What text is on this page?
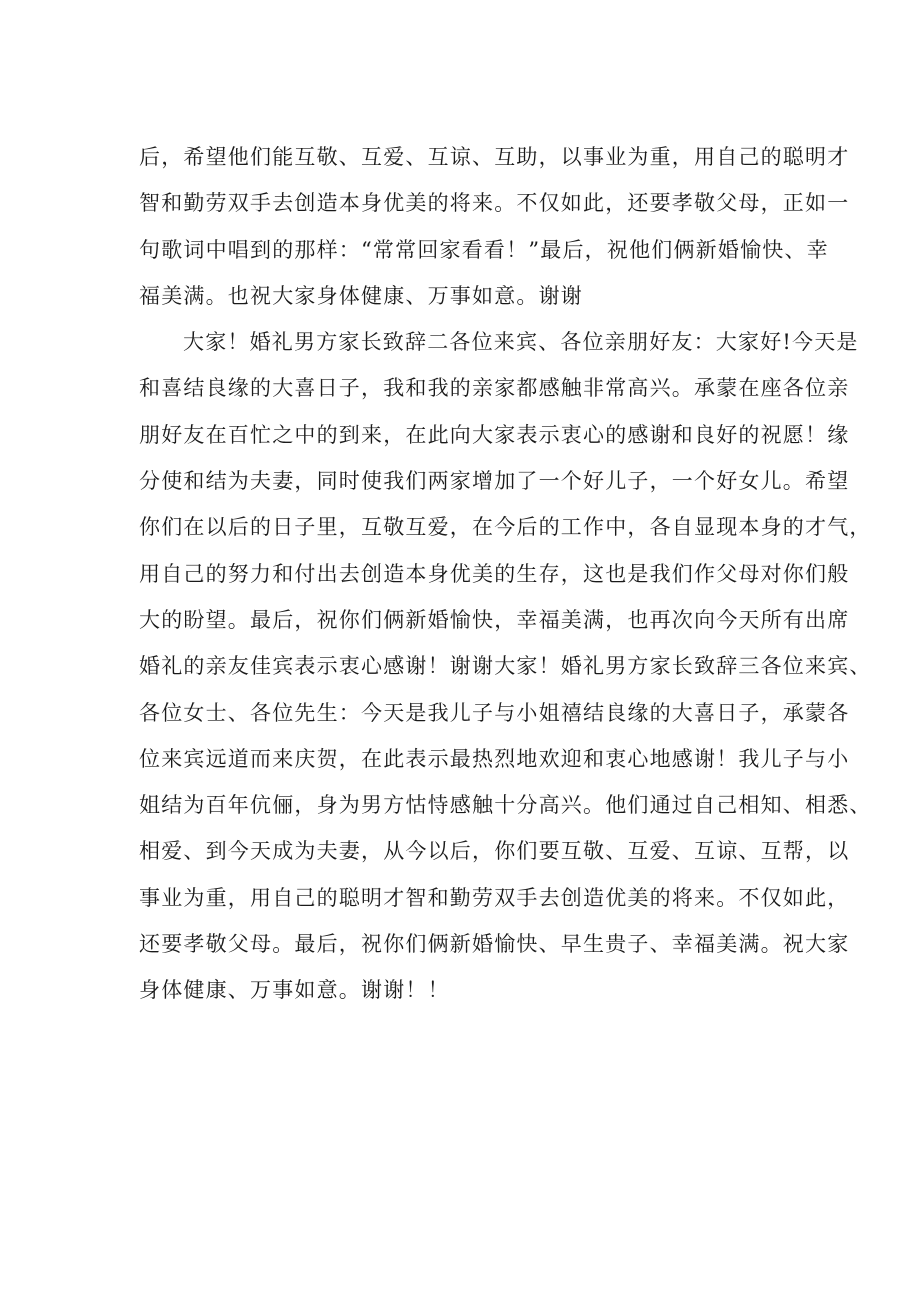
后，希望他们能互敬、互爱、互谅、互助，以事业为重，用自己的聪明才
智和勤劳双手去创造本身优美的将来。不仅如此，还要孝敬父母，正如一
句歌词中唱到的那样：“常常回家看看！”最后，祝他们俩新婚愉快、幸
福美满。也祝大家身体健康、万事如意。谢谢
大家！婚礼男方家长致辞二各位来宾、各位亲朋好友：大家好!今天是
和喜结良缘的大喜日子，我和我的亲家都感触非常高兴。承蒙在座各位亲
朋好友在百忙之中的到来，在此向大家表示衷心的感谢和良好的祝愿！缘
分使和结为夫妻，同时使我们两家增加了一个好儿子，一个好女儿。希望
你们在以后的日子里，互敬互爱，在今后的工作中，各自显现本身的才气，
用自己的努力和付出去创造本身优美的生存，这也是我们作父母对你们般
大的盼望。最后，祝你们俩新婚愉快，幸福美满，也再次向今天所有出席
婚礼的亲友佳宾表示衷心感谢！谢谢大家！婚礼男方家长致辞三各位来宾、
各位女士、各位先生：今天是我儿子与小姐禧结良缘的大喜日子，承蒙各
位来宾远道而来庆贺，在此表示最热烈地欢迎和衷心地感谢！我儿子与小
姐结为百年伉俪，身为男方怙恃感触十分高兴。他们通过自己相知、相悉、
相爱、到今天成为夫妻，从今以后，你们要互敬、互爱、互谅、互帮，以
事业为重，用自己的聪明才智和勤劳双手去创造优美的将来。不仅如此，
还要孝敬父母。最后，祝你们俩新婚愉快、早生贵子、幸福美满。祝大家
身体健康、万事如意。谢谢！！
